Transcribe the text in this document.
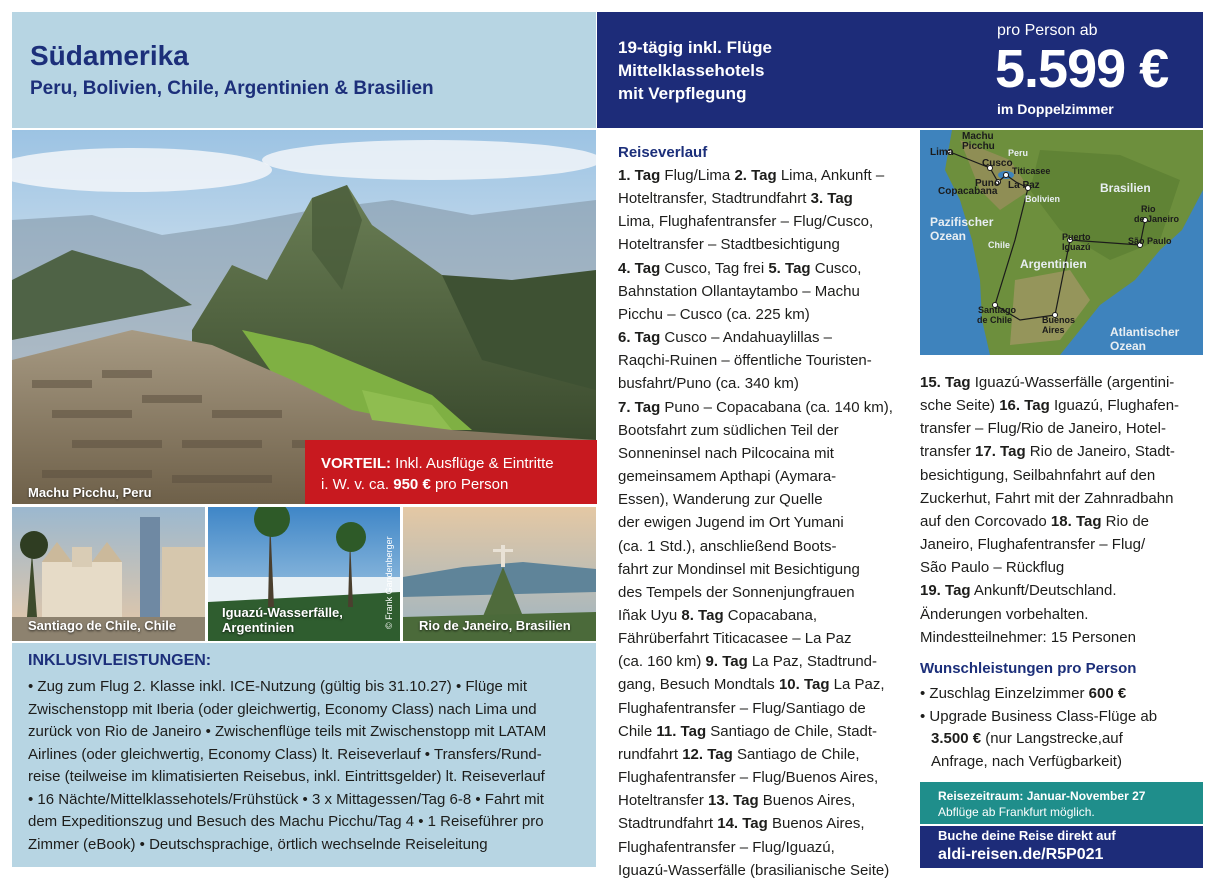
Südamerika
Peru, Bolivien, Chile, Argentinien & Brasilien
19-tägig inkl. Flüge
Mittelklassehotels
mit Verpflegung
pro Person ab
5.599 €
im Doppelzimmer
Machu Picchu, Peru
VORTEIL: Inkl. Ausflüge & Eintritte
i. W. v. ca. 950 € pro Person
Santiago de Chile, Chile
Iguazú-Wasserfälle,
Argentinien	© Frank Gandenberger Rio de Janeiro, Brasilien
INKLUSIVLEISTUNGEN:
• Zug zum Flug 2. Klasse inkl. ICE-Nutzung (gültig bis 31.10.27) • Flüge mit
Zwischenstopp mit Iberia (oder gleichwertig, Economy Class) nach Lima und
zurück von Rio de Janeiro • Zwischenflüge teils mit Zwischenstopp mit LATAM
Airlines (oder gleichwertig, Economy Class) lt. Reiseverlauf • Transfers/Rund-
reise (teilweise im klimatisierten Reisebus, inkl. Eintrittsgelder) lt. Reiseverlauf
• 16 Nächte/Mittelklassehotels/Frühstück • 3 x Mittagessen/Tag 6-8 • Fahrt mit
dem Expeditionszug und Besuch des Machu Picchu/Tag 4 • 1 Reiseführer pro
Zimmer (eBook) • Deutschsprachige, örtlich wechselnde Reiseleitung
Reiseverlauf
1. Tag Flug/Lima 2. Tag Lima, Ankunft –
Hoteltransfer, Stadtrundfahrt 3. Tag
Lima, Flughafentransfer – Flug/Cusco,
Hoteltransfer – Stadtbesichtigung
4. Tag Cusco, Tag frei 5. Tag Cusco,
Bahnstation Ollantaytambo – Machu
Picchu – Cusco (ca. 225 km)
6. Tag Cusco – Andahuaylillas –
Raqchi-Ruinen – öffentliche Touristen-
busfahrt/Puno (ca. 340 km)
7. Tag Puno – Copacabana (ca. 140 km),
Bootsfahrt zum südlichen Teil der
Sonneninsel nach Pilcocaina mit
gemeinsamem Apthapi (Aymara-
Essen), Wanderung zur Quelle
der ewigen Jugend im Ort Yumani
(ca. 1 Std.), anschließend Boots-
fahrt zur Mondinsel mit Besichtigung
des Tempels der Sonnenjungfrauen
Iñak Uyu 8. Tag Copacabana,
Fährüberfahrt Titicacasee – La Paz
(ca. 160 km) 9. Tag La Paz, Stadtrund-
gang, Besuch Mondtals 10. Tag La Paz,
Flughafentransfer – Flug/Santiago de
Chile 11. Tag Santiago de Chile, Stadt-
rundfahrt 12. Tag Santiago de Chile,
Flughafentransfer – Flug/Buenos Aires,
Hoteltransfer 13. Tag Buenos Aires,
Stadtrundfahrt 14. Tag Buenos Aires,
Flughafentransfer – Flug/Iguazú,
Iguazú-Wasserfälle (brasilianische Seite)
Machu
Picchu
Lima
Cusco
Titicasee
Puno La Paz
Copacabana
Puerto
Iguazú
Rio
de Janeiro
São Paulo
Santiago
de Chile	Buenos
Aires
Peru
Bolivien
Brasilien
Chile
Argentinien
Pazifischer
Ozean
Atlantischer
Ozean
15. Tag Iguazú-Wasserfälle (argentini-
sche Seite) 16. Tag Iguazú, Flughafen-
transfer – Flug/Rio de Janeiro, Hotel-
transfer 17. Tag Rio de Janeiro, Stadt-
besichtigung, Seilbahnfahrt auf den
Zuckerhut, Fahrt mit der Zahnradbahn
auf den Corcovado 18. Tag Rio de
Janeiro, Flughafentransfer – Flug/
São Paulo – Rückflug
19. Tag Ankunft/Deutschland.
Änderungen vorbehalten.
Mindestteilnehmer: 15 Personen
Wunschleistungen pro Person
• Zuschlag Einzelzimmer 600 €
• Upgrade Business Class-Flüge ab
3.500 € (nur Langstrecke,auf
Anfrage, nach Verfügbarkeit)
Reisezeitraum: Januar-November 27
Abflüge ab Frankfurt möglich.
Buche deine Reise direkt auf
aldi-reisen.de/R5P021
